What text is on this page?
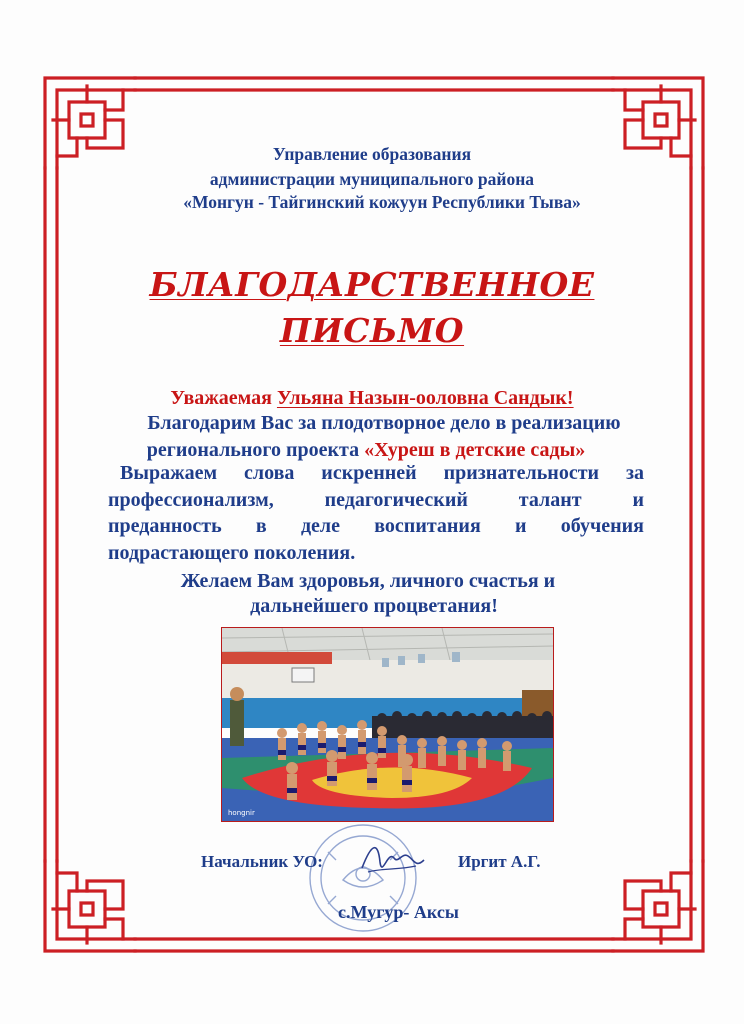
Управление образования
администрации муниципального района
«Монгун - Тайгинский кожуун Республики Тыва»
БЛАГОДАРСТВЕННОЕ
ПИСЬМО
Уважаемая Ульяна Назын-ооловна Сандык!
Благодарим Вас за плодотворное дело в реализацию
регионального проекта «Хуреш в детские сады»
Выражаем слова искренней признательности за
профессионализм, педагогический талант и
преданность в деле воспитания и обучения
подрастающего поколения.
Желаем Вам здоровья, личного счастья и
дальнейшего процветания!
hongnir
Начальник УО:	Иргит А.Г.
с.Мугур- Аксы
